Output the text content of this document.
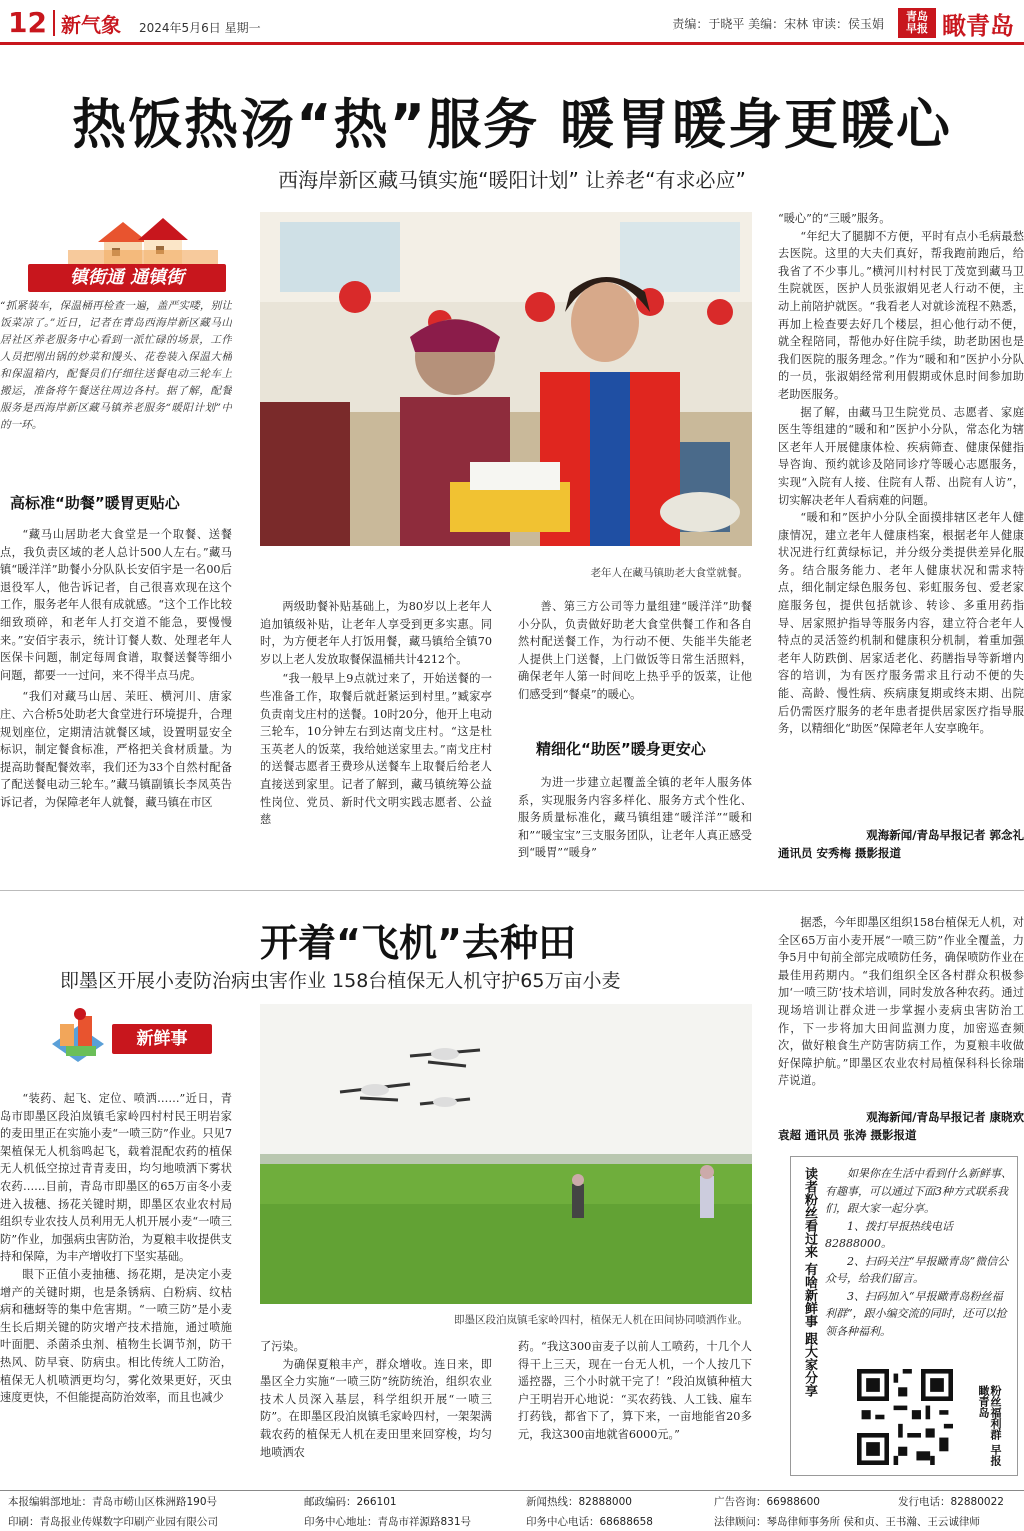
12 新气象 2024年5月6日 星期一	责编：于晓平 美编：宋林 审读：侯玉娟	青岛早报 瞰青岛
热饭热汤“热”服务 暖胃暖身更暖心
西海岸新区藏马镇实施“暖阳计划” 让养老“有求必应”
镇街通 通镇街
“抓紧装车，保温桶再检查一遍，盖严实喽，别让饭菜凉了。”近日，记者在青岛西海岸新区藏马山居社区养老服务中心看到一派忙碌的场景，工作人员把刚出锅的炒菜和馒头、花卷装入保温大桶和保温箱内，配餐员们仔细往送餐电动三轮车上搬运，准备将午餐送往周边各村。据了解，配餐服务是西海岸新区藏马镇养老服务“暖阳计划”中的一环。
高标准“助餐”暖胃更贴心

“藏马山居助老大食堂是一个取餐、送餐点，我负责区域的老人总计500人左右。”藏马镇“暖洋洋”助餐小分队队长安佰宇是一名00后退役军人，他告诉记者，自己很喜欢现在这个工作，服务老年人很有成就感。“这个工作比较细致琐碎，和老年人打交道不能急，要慢慢来。”安佰宇表示，统计订餐人数、处理老年人医保卡问题，制定每周食谱，取餐送餐等细小问题，都要一一过问，来不得半点马虎。

“我们对藏马山居、茉旺、横河川、唐家庄、六合桥5处助老大食堂进行环境提升，合理规划座位，定期清洁就餐区域，设置明显安全标识，制定餐食标准，严格把关食材质量。为提高助餐配餐效率，我们还为33个自然村配备了配送餐电动三轮车。”藏马镇副镇长李凤英告诉记者，为保障老年人就餐，藏马镇在市区

老年人在藏马镇助老大食堂就餐。

两级助餐补贴基础上，为80岁以上老年人追加镇级补贴，让老年人享受到更多实惠。同时，为方便老年人打饭用餐，藏马镇给全镇70岁以上老人发放取餐保温桶共计4212个。

“我一般早上9点就过来了，开始送餐的一些准备工作，取餐后就赶紧运到村里。”臧家亭负责南戈庄村的送餐。10时20分，他开上电动三轮车，10分钟左右到达南戈庄村。“这是杜玉英老人的饭菜，我给她送家里去。”南戈庄村的送餐志愿者王费珍从送餐车上取餐后给老人直接送到家里。记者了解到，藏马镇统筹公益性岗位、党员、新时代文明实践志愿者、公益慈

善、第三方公司等力量组建“暖洋洋”助餐小分队，负责做好助老大食堂供餐工作和各自然村配送餐工作，为行动不便、失能半失能老人提供上门送餐，上门做饭等日常生活照料，确保老年人第一时间吃上热乎乎的饭菜，让他们感受到“餐桌”的暖心。

精细化“助医”暖身更安心

为进一步建立起覆盖全镇的老年人服务体系，实现服务内容多样化、服务方式个性化、服务质量标准化，藏马镇组建“暖洋洋”“暖和和”“暖宝宝”三支服务团队，让老年人真正感受到“暖胃”“暖身”

“暖心”的“三暖”服务。

“年纪大了腿脚不方便，平时有点小毛病最愁去医院。这里的大夫们真好，帮我跑前跑后，给我省了不少事儿。”横河川村村民丁茂宽到藏马卫生院就医，医护人员张淑娟见老人行动不便，主动上前陪护就医。“我看老人对就诊流程不熟悉，再加上检查要去好几个楼层，担心他行动不便，就全程陪同，帮他办好住院手续，助老助困也是我们医院的服务理念。”作为“暖和和”医护小分队的一员，张淑娟经常利用假期或休息时间参加助老助医服务。

据了解，由藏马卫生院党员、志愿者、家庭医生等组建的“暖和和”医护小分队，常态化为辖区老年人开展健康体检、疾病筛查、健康保健指导咨询、预约就诊及陪同诊疗等暖心志愿服务，实现“入院有人接、住院有人帮、出院有人访”，切实解决老年人看病难的问题。

“暖和和”医护小分队全面摸排辖区老年人健康情况，建立老年人健康档案，根据老年人健康状况进行红黄绿标记，并分级分类提供差异化服务。结合服务能力、老年人健康状况和需求特点，细化制定绿色服务包、彩虹服务包、爱老家庭服务包，提供包括就诊、转诊、多重用药指导、居家照护指导等服务内容，建立符合老年人特点的灵活签约机制和健康积分机制，着重加强老年人防跌倒、居家适老化、药膳指导等新增内容的培训，为有医疗服务需求且行动不便的失能、高龄、慢性病、疾病康复期或终末期、出院后仍需医疗服务的老年患者提供居家医疗指导服务，以精细化“助医”保障老年人安享晚年。

观海新闻/青岛早报记者 郭念礼
通讯员 安秀梅 摄影报道
开着“飞机”去种田
即墨区开展小麦防治病虫害作业 158台植保无人机守护65万亩小麦
新鲜事

“装药、起飞、定位、喷洒……”近日，青岛市即墨区段泊岚镇毛家岭四村村民王明岩家的麦田里正在实施小麦“一喷三防”作业。只见7架植保无人机翁鸣起飞，载着混配农药的植保无人机低空掠过青青麦田，均匀地喷洒下雾状农药……目前，青岛市即墨区的65万亩冬小麦进入拔穗、扬花关键时期，即墨区农业农村局组织专业农技人员利用无人机开展小麦“一喷三防”作业，加强病虫害防治，为夏粮丰收提供支持和保障，为丰产增收打下坚实基础。

眼下正值小麦抽穗、扬花期，是决定小麦增产的关键时期，也是条锈病、白粉病、纹枯病和穗蚜等的集中危害期。“一喷三防”是小麦生长后期关键的防灾增产技术措施，通过喷施叶面肥、杀菌杀虫剂、植物生长调节剂，防干热风、防早衰、防病虫。相比传统人工防治，植保无人机喷洒更均匀，雾化效果更好，灭虫速度更快，不但能提高防治效率，而且也减少

即墨区段泊岚镇毛家岭四村，植保无人机在田间协同喷洒作业。

了污染。

为确保夏粮丰产，群众增收。连日来，即墨区全力实施“一喷三防”统防统治，组织农业技术人员深入基层，科学组织开展“一喷三防”。在即墨区段泊岚镇毛家岭四村，一架架满载农药的植保无人机在麦田里来回穿梭，均匀地喷洒农

药。“我这300亩麦子以前人工喷药，十几个人得干上三天，现在一台无人机，一个人按几下遥控器，三个小时就干完了！”段泊岚镇种植大户王明岩开心地说：“买农药钱、人工钱、雇车打药钱，都省下了，算下来，一亩地能省20多元，我这300亩地就省6000元。”

据悉，今年即墨区组织158台植保无人机，对全区65万亩小麦开展“一喷三防”作业全覆盖，力争5月中旬前全部完成喷防任务，确保喷防作业在最佳用药期内。“我们组织全区各村群众积极参加‘一喷三防’技术培训，同时发放各种农药。通过现场培训让群众进一步掌握小麦病虫害防治工作，下一步将加大田间监测力度，加密巡查频次，做好粮食生产防害防病工作，为夏粮丰收做好保障护航。”即墨区农业农村局植保科科长徐瑞芹说道。

观海新闻/青岛早报记者 康晓欢
袁超 通讯员 张涛 摄影报道
读者粉丝看过来 有啥新鲜事 跟大家分享	如果你在生活中看到什么新鲜事、有趣事，可以通过下面3种方式联系我们，跟大家一起分享。

1、拨打早报热线电话82888000。

2、扫码关注“早报瞰青岛”微信公众号，给我们留言。

3、扫码加入“早报瞰青岛粉丝福利群”，跟小编交流的同时，还可以抢领各种福利。

粉丝福利群 早报瞰青岛
本报编辑部地址：青岛市崂山区株洲路190号	邮政编码：266101	新闻热线：82888000	广告咨询：66988600	发行电话：82880022
印刷：青岛报业传媒数字印刷产业园有限公司	印务中心地址：青岛市祥源路831号	印务中心电话：68688658	法律顾问：琴岛律师事务所 侯和贞、王书瀚、王云诚律师
